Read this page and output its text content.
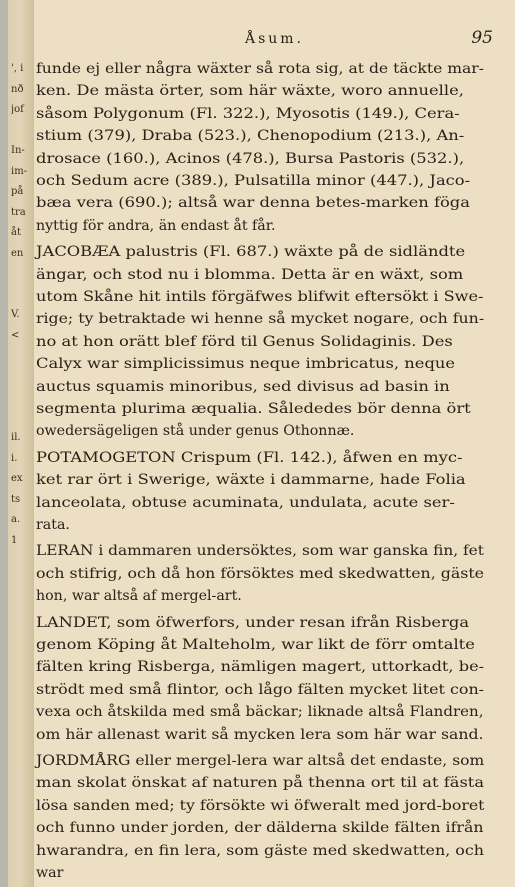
', i
nð
jof
In-
im-
på
tra
åt
en
V.
<
il.
i.
ex
ts
a.
1
Åsum.	95
funde ej eller några wäxter så rota sig, at de täckte mar-
ken. De mästa örter, som här wäxte, woro annuelle,
såsom Polygonum (Fl. 322.), Myosotis (149.), Cera-
stium (379), Draba (523.), Chenopodium (213.), An-
drosace (160.), Acinos (478.), Bursa Pastoris (532.),
och Sedum acre (389.), Pulsatilla minor (447.), Jaco-
bæa vera (690.); altså war denna betes-marken föga
nyttig för andra, än endast åt får.
JACOBÆA palustris (Fl. 687.) wäxte på de sidländte
ängar, och stod nu i blomma. Detta är en wäxt, som
utom Skåne hit intils förgäfwes blifwit eftersökt i Swe-
rige; ty betraktade wi henne så mycket nogare, och fun-
no at hon orätt blef förd til Genus Solidaginis. Des
Calyx war simplicissimus neque imbricatus, neque
auctus squamis minoribus, sed divisus ad basin in
segmenta plurima æqualia. Sålededes bör denna ört
owedersägeligen stå under genus Othonnæ.
POTAMOGETON Crispum (Fl. 142.), åfwen en myc-
ket rar ört i Swerige, wäxte i dammarne, hade Folia
lanceolata, obtuse acuminata, undulata, acute ser-
rata.
LERAN i dammaren undersöktes, som war ganska fin, fet
och stifrig, och då hon försöktes med skedwatten, gäste
hon, war altså af mergel-art.
LANDET, som öfwerfors, under resan ifrån Risberga
genom Köping åt Malteholm, war likt de förr omtalte
fälten kring Risberga, nämligen magert, uttorkadt, be-
strödt med små flintor, och lågo fälten mycket litet con-
vexa och åtskilda med små bäckar; liknade altså Flandren,
om här allenast warit så mycken lera som här war sand.
JORDMÅRG eller mergel-lera war altså det endaste, som
man skolat önskat af naturen på thenna ort til at fästa
lösa sanden med; ty försökte wi öfweralt med jord-boret
och funno under jorden, der dälderna skilde fälten ifrån
hwarandra, en fin lera, som gäste med skedwatten, och
war
